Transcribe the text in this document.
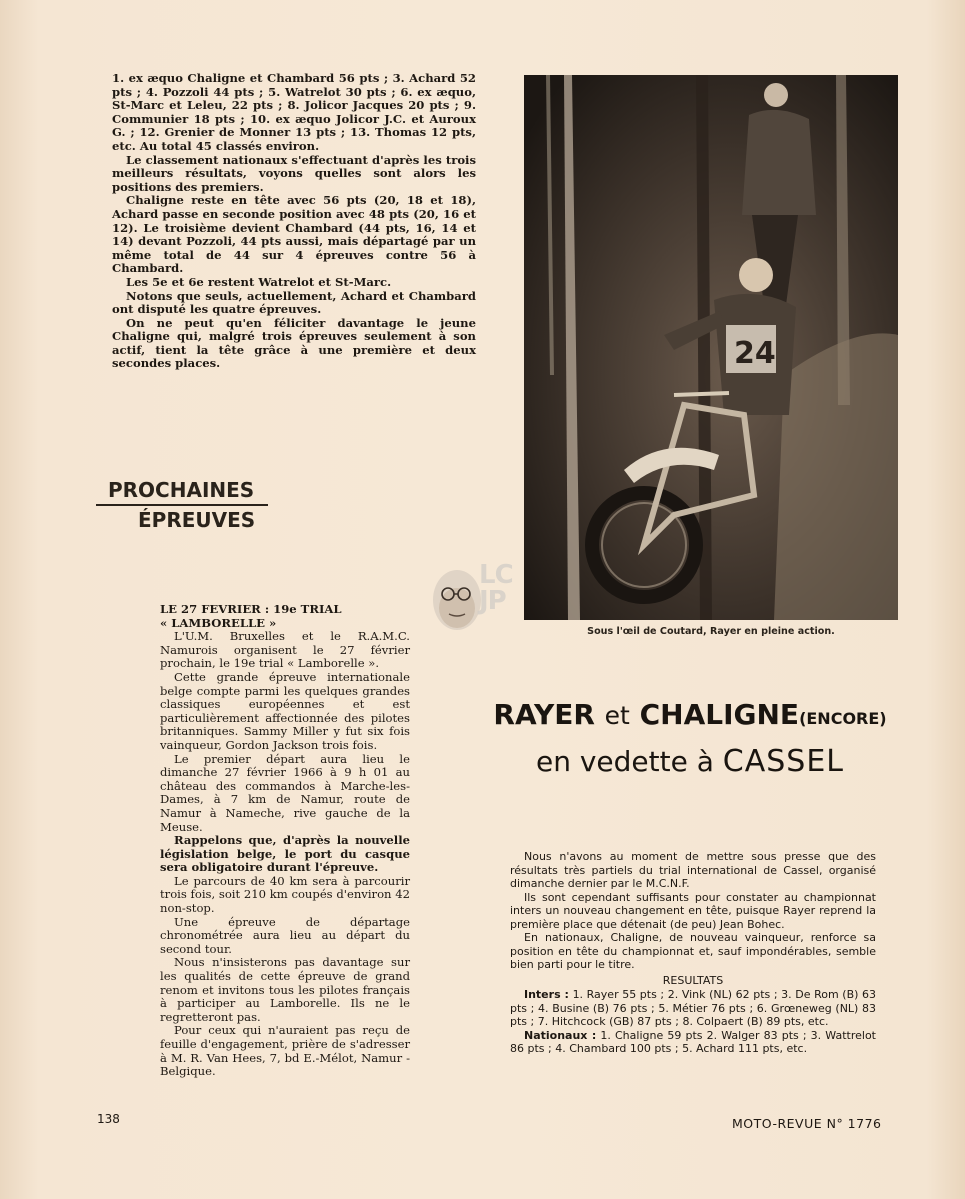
1. ex æquo Chaligne et Chambard 56 pts ; 3. Achard 52 pts ; 4. Pozzoli 44 pts ; 5. Watrelot 30 pts ; 6. ex æquo, St-Marc et Leleu, 22 pts ; 8. Jolicor Jacques 20 pts ; 9. Communier 18 pts ; 10. ex æquo Jolicor J.C. et Auroux G. ; 12. Grenier de Monner 13 pts ; 13. Thomas 12 pts, etc. Au total 45 classés environ.

Le classement nationaux s'effectuant d'après les trois meilleurs résultats, voyons quelles sont alors les positions des premiers.

Chaligne reste en tête avec 56 pts (20, 18 et 18), Achard passe en seconde position avec 48 pts (20, 16 et 12). Le troisième devient Chambard (44 pts, 16, 14 et 14) devant Pozzoli, 44 pts aussi, mais départagé par un même total de 44 sur 4 épreuves contre 56 à Chambard.

Les 5e et 6e restent Watrelot et St-Marc.

Notons que seuls, actuellement, Achard et Chambard ont disputé les quatre épreuves.

On ne peut qu'en féliciter davantage le jeune Chaligne qui, malgré trois épreuves seulement à son actif, tient la tête grâce à une première et deux secondes places.

PROCHAINES
ÉPREUVES

LE 27 FEVRIER : 19e TRIAL
« LAMBORELLE »

L'U.M. Bruxelles et le R.A.M.C. Namurois organisent le 27 février prochain, le 19e trial « Lamborelle ».

Cette grande épreuve internationale belge compte parmi les quelques grandes classiques européennes et est particulièrement affectionnée des pilotes britanniques. Sammy Miller y fut six fois vainqueur, Gordon Jackson trois fois.

Le premier départ aura lieu le dimanche 27 février 1966 à 9 h 01 au château des commandos à Marche-les-Dames, à 7 km de Namur, route de Namur à Nameche, rive gauche de la Meuse.

Rappelons que, d'après la nouvelle législation belge, le port du casque sera obligatoire durant l'épreuve.

Le parcours de 40 km sera à parcourir trois fois, soit 210 km coupés d'environ 42 non-stop.

Une épreuve de départage chronométrée aura lieu au départ du second tour.

Nous n'insisterons pas davantage sur les qualités de cette épreuve de grand renom et invitons tous les pilotes français à participer au Lamborelle. Ils ne le regretteront pas.

Pour ceux qui n'auraient pas reçu de feuille d'engagement, prière de s'adresser à M. R. Van Hees, 7, bd E.-Mélot, Namur - Belgique.

24
LC JP
Sous l'œil de Coutard, Rayer en pleine action.
RAYER et CHALIGNE(ENCORE)
en vedette à CASSEL

Nous n'avons au moment de mettre sous presse que des résultats très partiels du trial international de Cassel, organisé dimanche dernier par le M.C.N.F.

Ils sont cependant suffisants pour constater au championnat inters un nouveau changement en tête, puisque Rayer reprend la première place que détenait (de peu) Jean Bohec.

En nationaux, Chaligne, de nouveau vainqueur, renforce sa position en tête du championnat et, sauf impondérables, semble bien parti pour le titre.

RESULTATS

Inters : 1. Rayer 55 pts ; 2. Vink (NL) 62 pts ; 3. De Rom (B) 63 pts ; 4. Busine (B) 76 pts ; 5. Métier 76 pts ; 6. Grœneweg (NL) 83 pts ; 7. Hitchcock (GB) 87 pts ; 8. Colpaert (B) 89 pts, etc.

Nationaux : 1. Chaligne 59 pts 2. Walger 83 pts ; 3. Wattrelot 86 pts ; 4. Chambard 100 pts ; 5. Achard 111 pts, etc.

138	MOTO-REVUE N° 1776
